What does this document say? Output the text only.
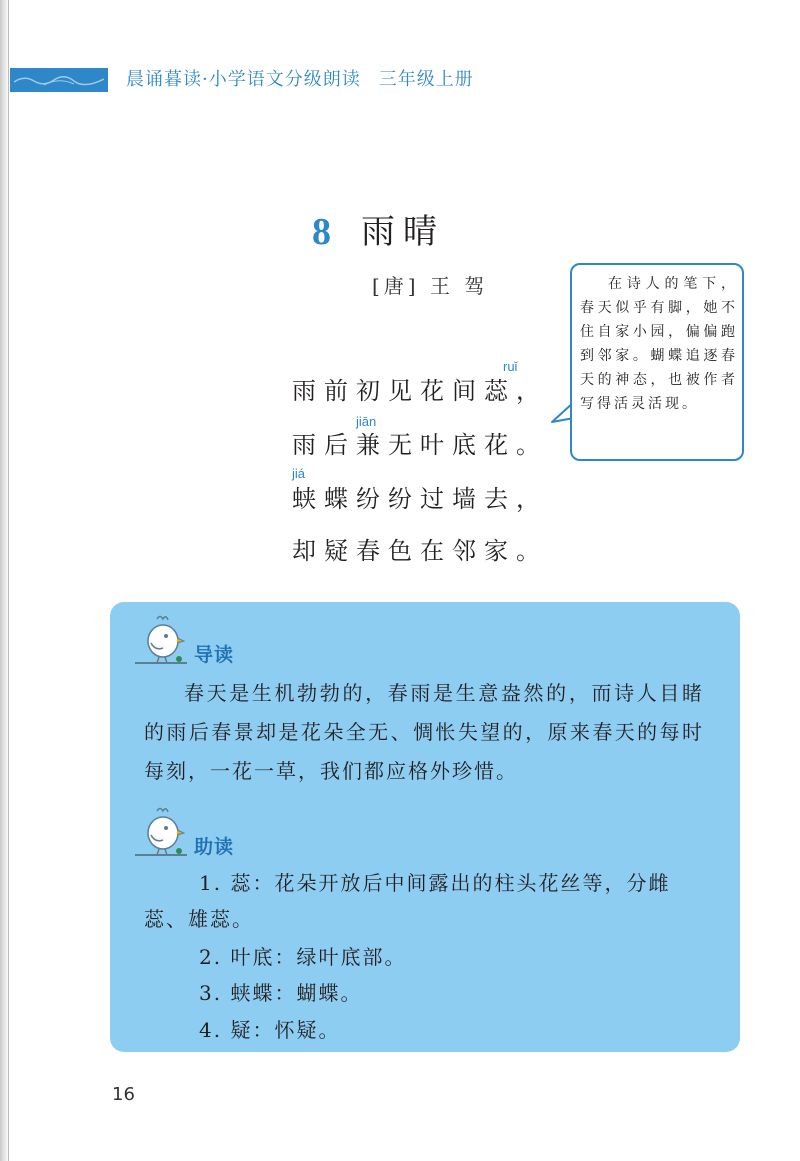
晨诵暮读·小学语文分级朗读 三年级上册
8 雨晴
[唐] 王 驾
雨前初见花间蕊，
雨后兼无叶底花。
蛱蝶纷纷过墙去，
却疑春色在邻家。
ruǐ
jiān
jiá
在诗人的笔下，春天似乎有脚，她不住自家小园，偏偏跑到邻家。蝴蝶追逐春天的神态，也被作者写得活灵活现。
导读
春天是生机勃勃的，春雨是生意盎然的，而诗人目睹的雨后春景却是花朵全无、惆怅失望的，原来春天的每时每刻，一花一草，我们都应格外珍惜。
助读
1. 蕊：花朵开放后中间露出的柱头花丝等，分雌
蕊、雄蕊。
2. 叶底：绿叶底部。
3. 蛱蝶：蝴蝶。
4. 疑：怀疑。
16
